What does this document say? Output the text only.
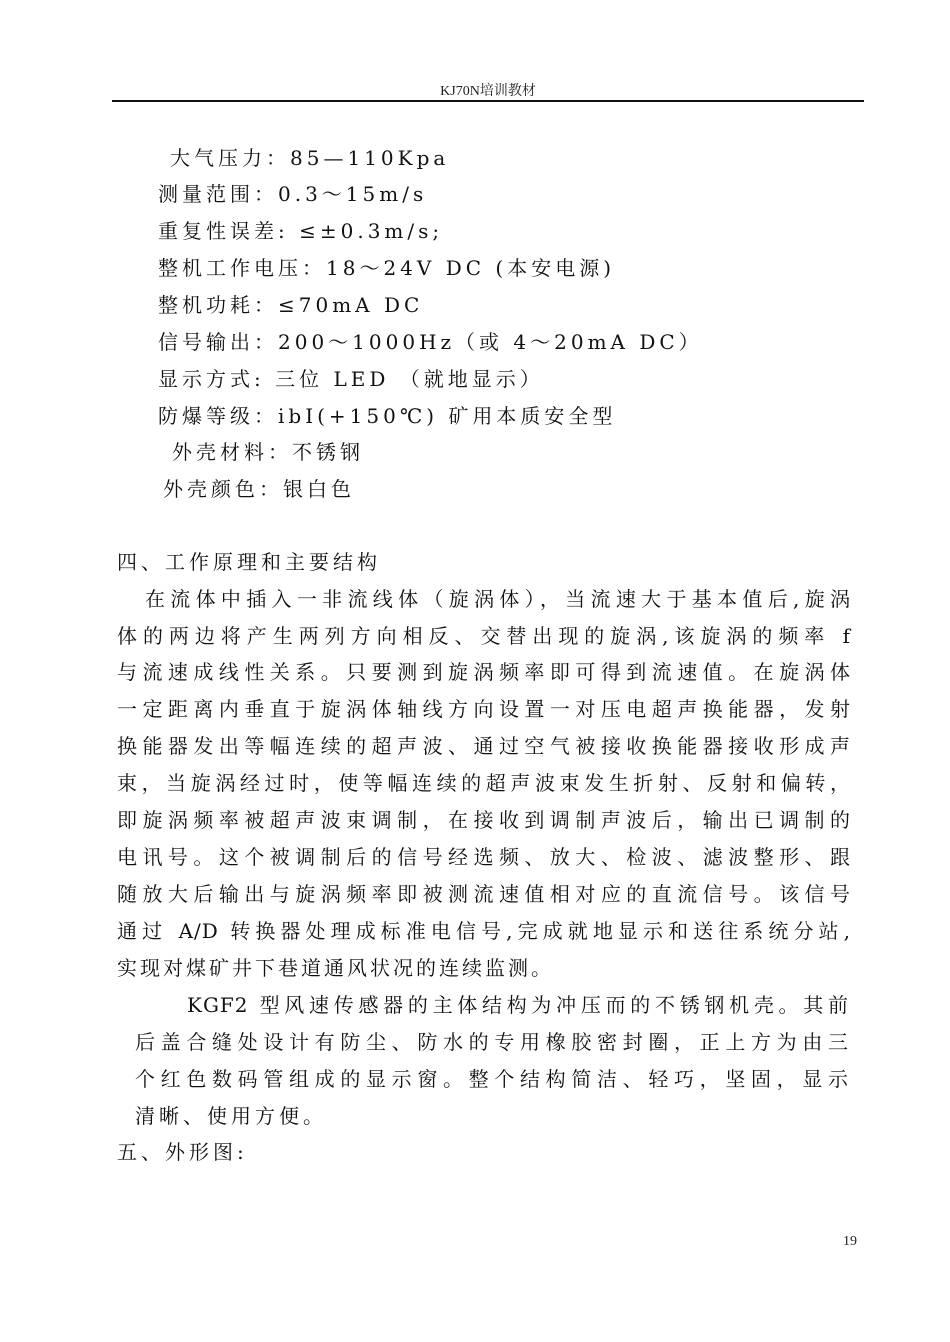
KJ70N培训教材
大气压力：85—110Kpa
测量范围：0.3～15m/s
重复性误差: ≤±0.3m/s;
整机工作电压：18～24V DC (本安电源)
整机功耗：≤70mA DC
信号输出：200～1000Hz（或 4～20mA DC）
显示方式: 三位 LED （就地显示）
防爆等级：ibI(+150℃) 矿用本质安全型
外壳材料：不锈钢
外壳颜色：银白色
四、工作原理和主要结构
在流体中插入一非流线体（旋涡体），当流速大于基本值后,旋涡
体的两边将产生两列方向相反、交替出现的旋涡,该旋涡的频率 f
与流速成线性关系。只要测到旋涡频率即可得到流速值。在旋涡体
一定距离内垂直于旋涡体轴线方向设置一对压电超声换能器，发射
换能器发出等幅连续的超声波、通过空气被接收换能器接收形成声
束，当旋涡经过时，使等幅连续的超声波束发生折射、反射和偏转，
即旋涡频率被超声波束调制，在接收到调制声波后，输出已调制的
电讯号。这个被调制后的信号经选频、放大、检波、滤波整形、跟
随放大后输出与旋涡频率即被测流速值相对应的直流信号。该信号
通过 A/D 转换器处理成标准电信号,完成就地显示和送往系统分站,
实现对煤矿井下巷道通风状况的连续监测。
KGF2 型风速传感器的主体结构为冲压而的不锈钢机壳。其前
后盖合缝处设计有防尘、防水的专用橡胶密封圈，正上方为由三
个红色数码管组成的显示窗。整个结构简洁、轻巧，坚固，显示
清晰、使用方便。
五、外形图:
19
